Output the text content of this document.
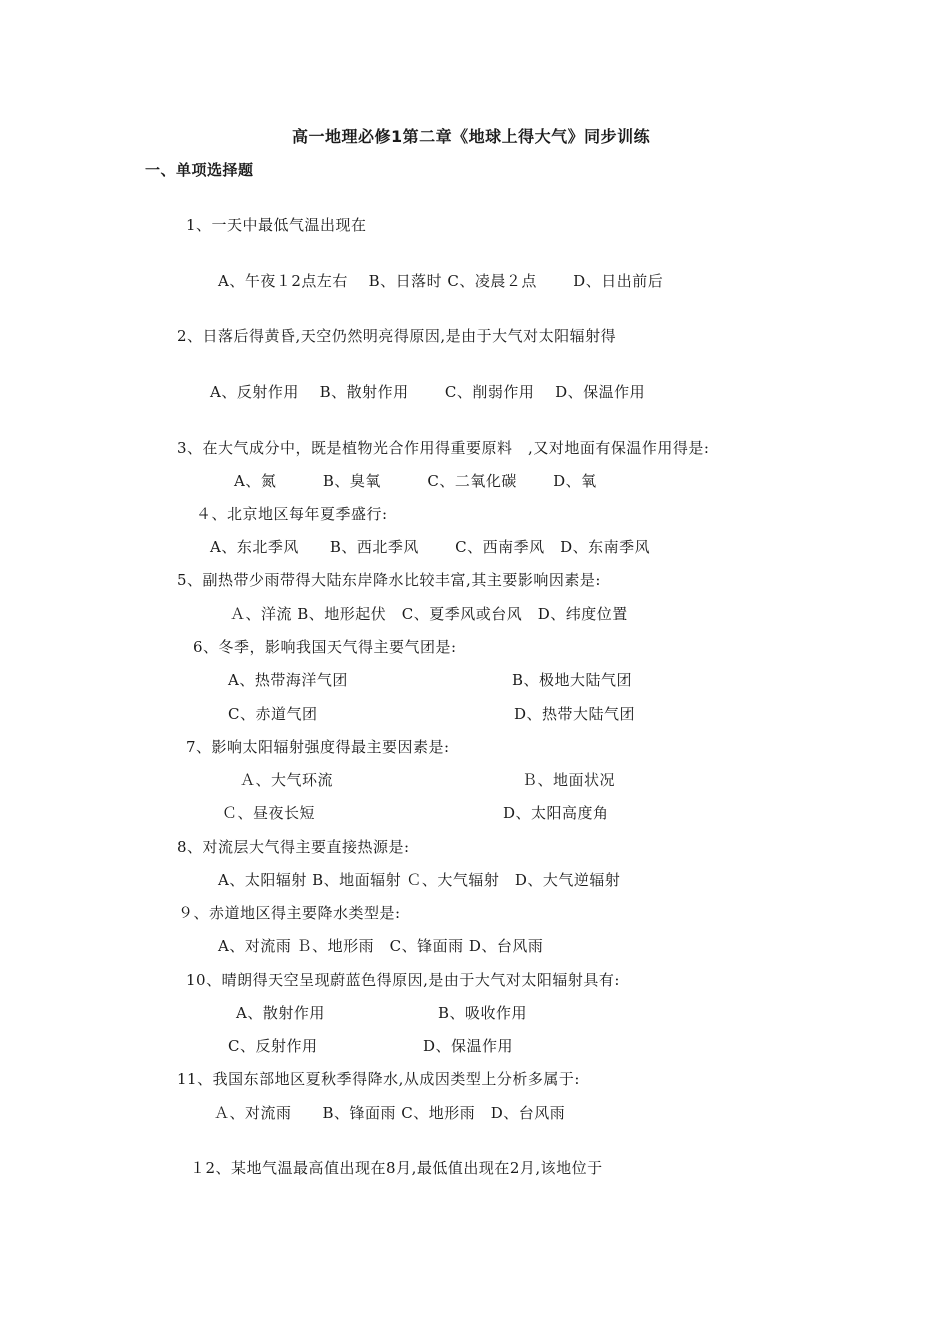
高一地理必修1第二章《地球上得大气》同步训练
一、单项选择题
1、一天中最低气温出现在
A、午夜１2点左右　 B、日落时 C、凌晨２点　　 D、日出前后
2、日落后得黄昏,天空仍然明亮得原因,是由于大气对太阳辐射得
A、反射作用　 B、散射作用　　 C、削弱作用　 D、保温作用
3、在大气成分中，既是植物光合作用得重要原料　,又对地面有保温作用得是:
A、氮　　　B、臭氧　　　C、二氧化碳　　 D、氧
４、北京地区每年夏季盛行:
A、东北季风　　B、西北季风　　 C、西南季风　D、东南季风
5、副热带少雨带得大陆东岸降水比较丰富,其主要影响因素是:
Ａ、洋流 B、地形起伏　C、夏季风或台风　D、纬度位置
6、冬季，影响我国天气得主要气团是:
A、热带海洋气团	B、极地大陆气团
C、赤道气团	D、热带大陆气团
7、影响太阳辐射强度得最主要因素是:
Ａ、大气环流	Ｂ、地面状况
Ｃ、昼夜长短	D、太阳高度角
8、对流层大气得主要直接热源是:
A、太阳辐射 B、地面辐射 Ｃ、大气辐射　D、大气逆辐射
９、赤道地区得主要降水类型是:
A、对流雨 Ｂ、地形雨　C、锋面雨 D、台风雨
10、晴朗得天空呈现蔚蓝色得原因,是由于大气对太阳辐射具有:
A、散射作用	B、吸收作用
C、反射作用	D、保温作用
11、我国东部地区夏秋季得降水,从成因类型上分析多属于:
Ａ、对流雨　　B、锋面雨 C、地形雨　D、台风雨
１2、某地气温最高值出现在8月,最低值出现在2月,该地位于
